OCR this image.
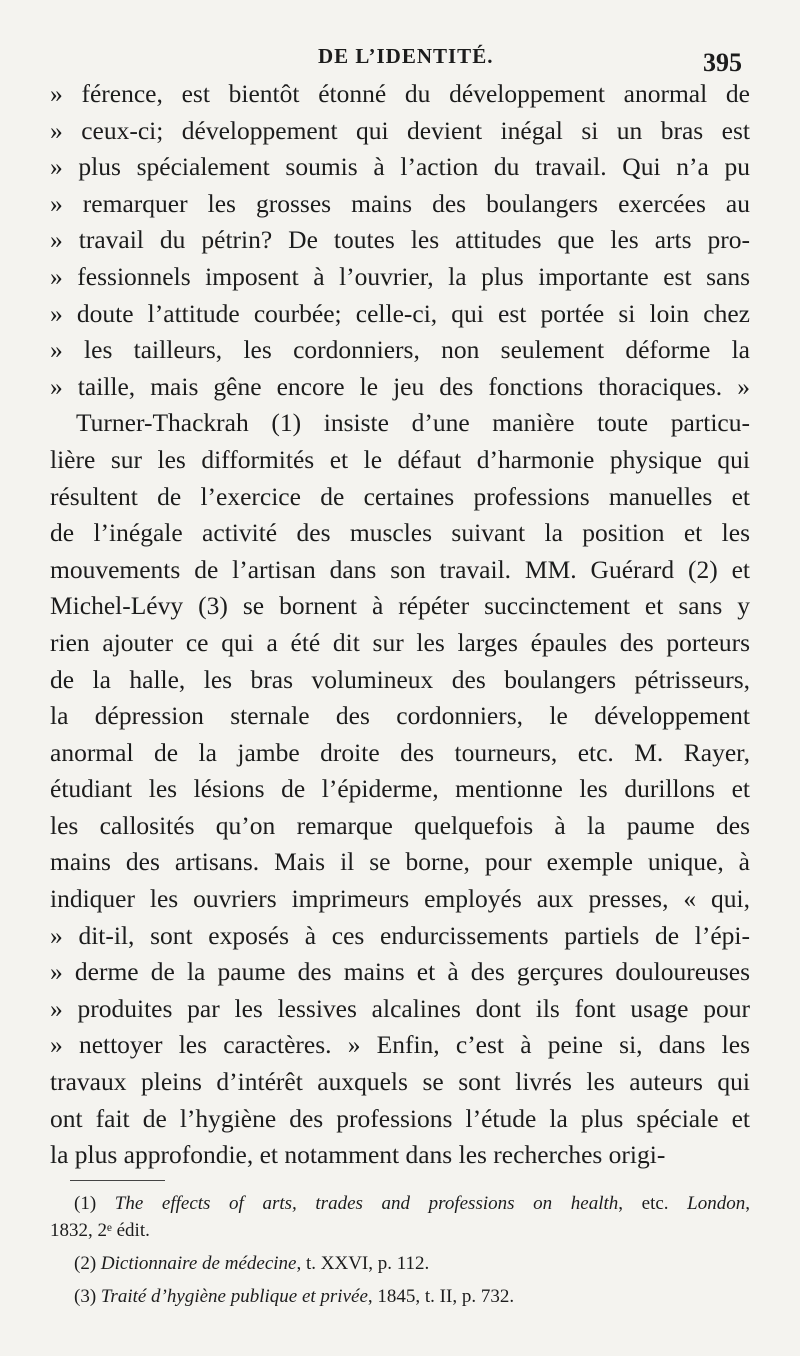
DE L’IDENTITÉ.	395
» férence, est bientôt étonné du développement anormal de
» ceux-ci; développement qui devient inégal si un bras est
» plus spécialement soumis à l’action du travail. Qui n’a pu
» remarquer les grosses mains des boulangers exercées au
» travail du pétrin? De toutes les attitudes que les arts pro-
» fessionnels imposent à l’ouvrier, la plus importante est sans
» doute l’attitude courbée; celle-ci, qui est portée si loin chez
» les tailleurs, les cordonniers, non seulement déforme la
» taille, mais gêne encore le jeu des fonctions thoraciques. »
Turner-Thackrah (1) insiste d’une manière toute particu-
lière sur les difformités et le défaut d’harmonie physique qui
résultent de l’exercice de certaines professions manuelles et
de l’inégale activité des muscles suivant la position et les
mouvements de l’artisan dans son travail. MM. Guérard (2) et
Michel-Lévy (3) se bornent à répéter succinctement et sans y
rien ajouter ce qui a été dit sur les larges épaules des porteurs
de la halle, les bras volumineux des boulangers pétrisseurs,
la dépression sternale des cordonniers, le développement
anormal de la jambe droite des tourneurs, etc. M. Rayer,
étudiant les lésions de l’épiderme, mentionne les durillons et
les callosités qu’on remarque quelquefois à la paume des
mains des artisans. Mais il se borne, pour exemple unique, à
indiquer les ouvriers imprimeurs employés aux presses, « qui,
» dit-il, sont exposés à ces endurcissements partiels de l’épi-
» derme de la paume des mains et à des gerçures douloureuses
» produites par les lessives alcalines dont ils font usage pour
» nettoyer les caractères. » Enfin, c’est à peine si, dans les
travaux pleins d’intérêt auxquels se sont livrés les auteurs qui
ont fait de l’hygiène des professions l’étude la plus spéciale et
la plus approfondie, et notamment dans les recherches origi-
(1) The effects of arts, trades and professions on health, etc. London,
1832, 2ᵉ édit.
(2) Dictionnaire de médecine, t. XXVI, p. 112.
(3) Traité d’hygiène publique et privée, 1845, t. II, p. 732.
